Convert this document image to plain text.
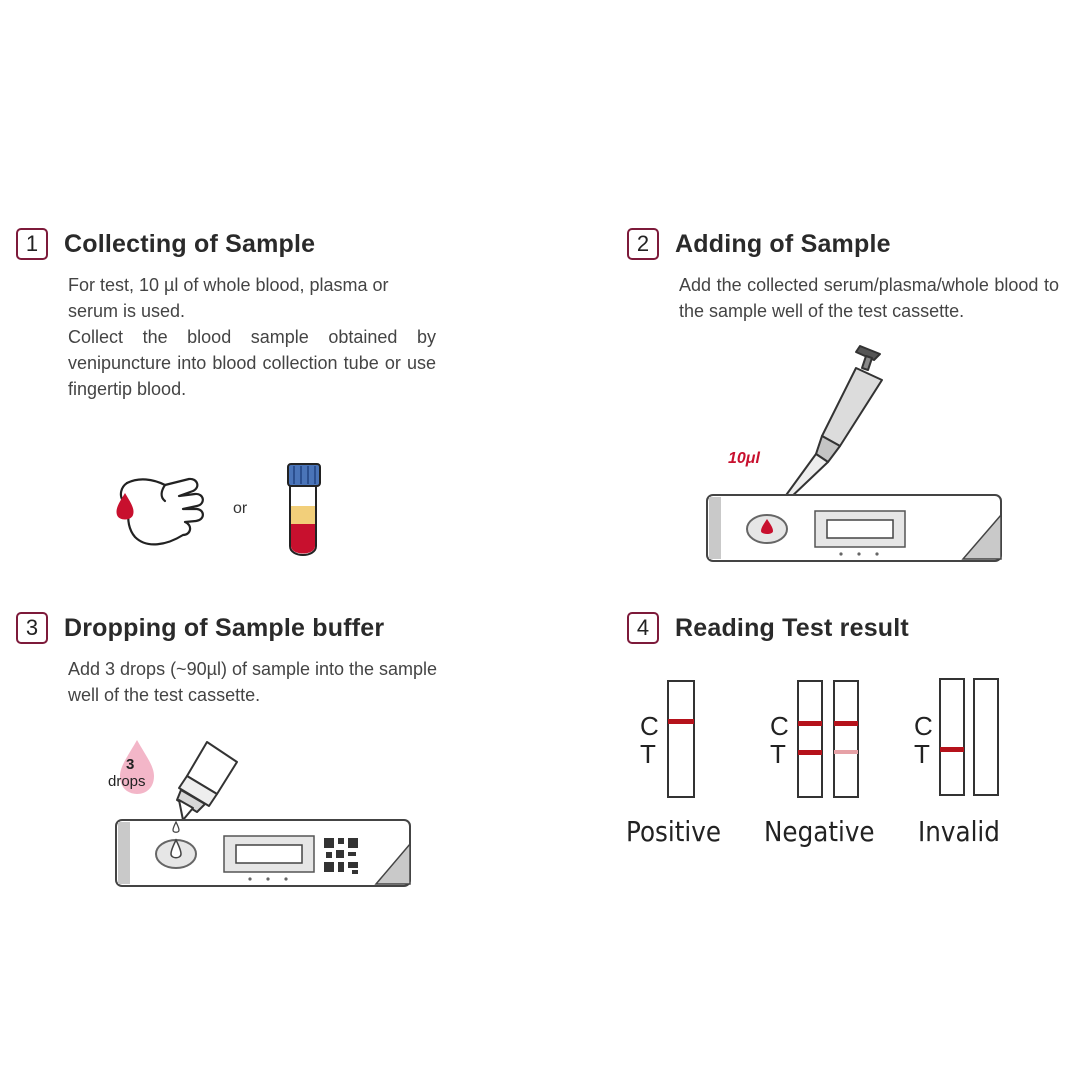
1	Collecting of Sample

For test, 10 µl of whole blood, plasma or serum is used.

Collect the blood sample obtained by venipuncture into blood collection tube or use fingertip blood.

or
2	Adding of Sample

Add the collected serum/plasma/whole blood to the sample well of the test cassette.

10μl
3	Dropping of Sample buffer

Add 3 drops (~90µl) of sample into the sample well of the test cassette.

3
drops
4	Reading Test result
C
T
C
T
C
T
Positive Negative Invalid
